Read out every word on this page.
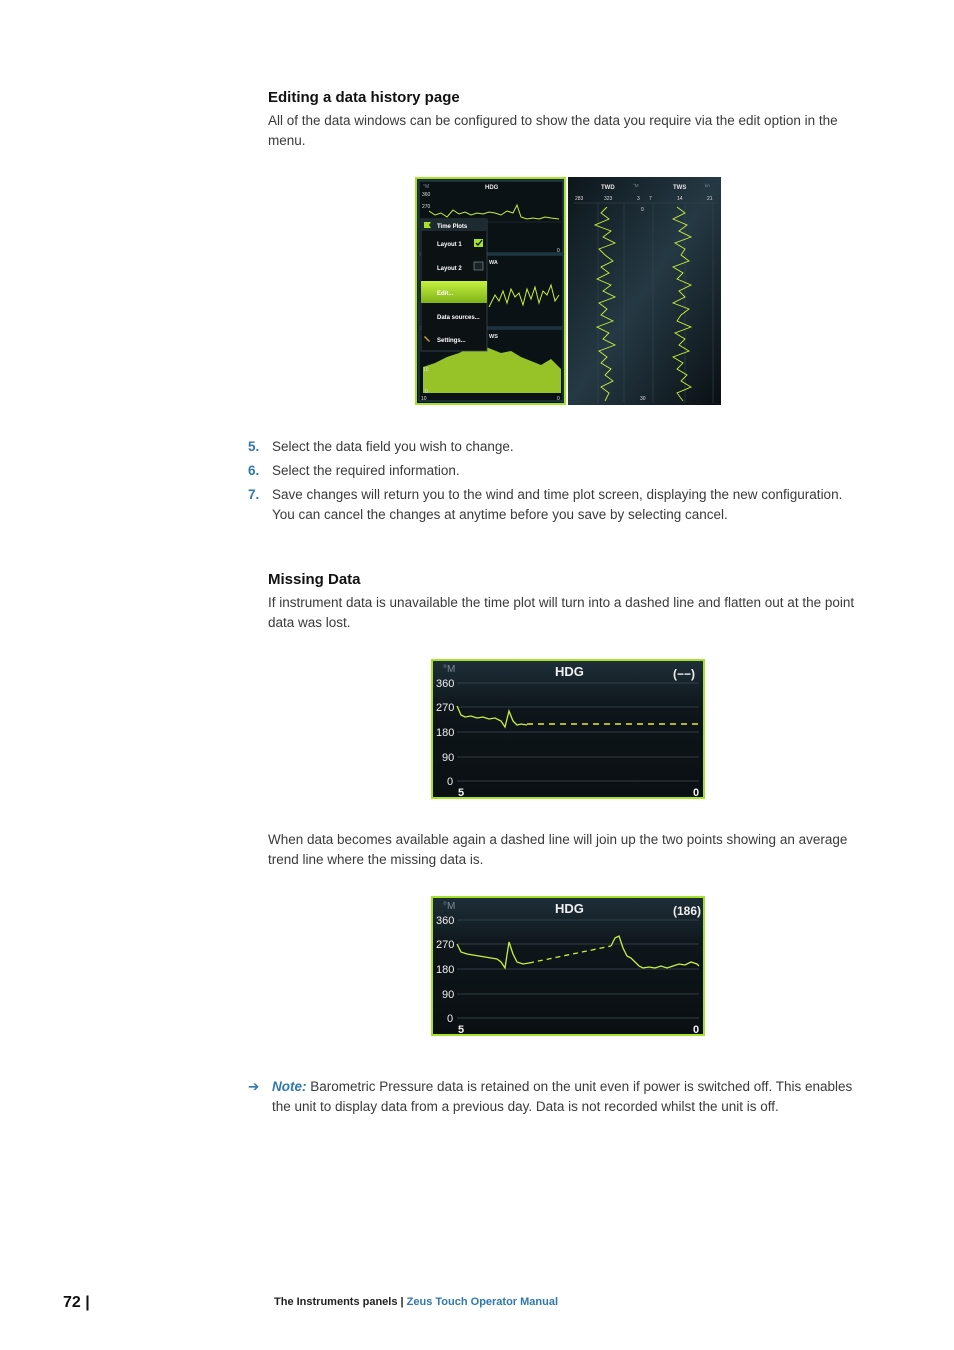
Editing a data history page

All of the data windows can be configured to show the data you require via the edit option in the menu.

°M	HDG
360
270
0
WA
WS
10
0
10	0
Time Plots
Layout 1
Layout 2
Edit...
Data sources...
Settings...
TWD	°M	TWS	kn
283	323	3 7	14	21
0
30
5. Select the data field you wish to change.
6. Select the required information.
7. Save changes will return you to the wind and time plot screen, displaying the new configuration. You can cancel the changes at anytime before you save by selecting cancel.
Missing Data

If instrument data is unavailable the time plot will turn into a dashed line and flatten out at the point data was lost.

°M	HDG	(−−)
360
270
180
90
0
5	0

When data becomes available again a dashed line will join up the two points showing an average trend line where the missing data is.

°M	HDG	(186)
360
270
180
90
0
5	0
➔ Note: Barometric Pressure data is retained on the unit even if power is switched off. This enables the unit to display data from a previous day. Data is not recorded whilst the unit is off.
72 |	The Instruments panels | Zeus Touch Operator Manual
